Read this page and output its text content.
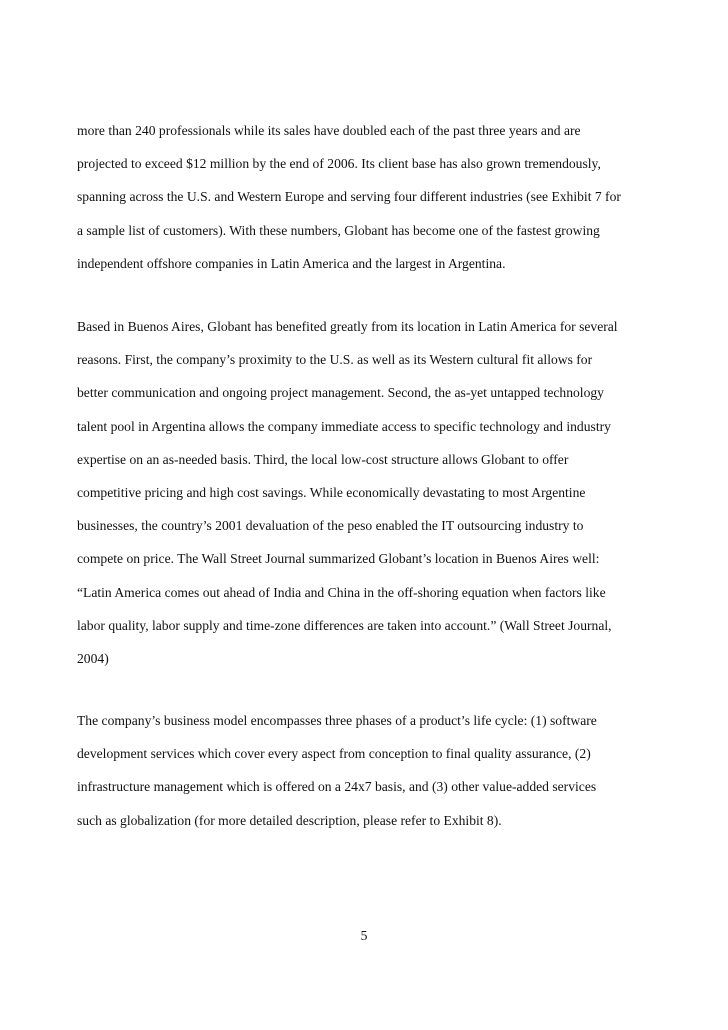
more than 240 professionals while its sales have doubled each of the past three years and are
projected to exceed $12 million by the end of 2006. Its client base has also grown tremendously,
spanning across the U.S. and Western Europe and serving four different industries (see Exhibit 7 for
a sample list of customers). With these numbers, Globant has become one of the fastest growing
independent offshore companies in Latin America and the largest in Argentina.

Based in Buenos Aires, Globant has benefited greatly from its location in Latin America for several
reasons. First, the company’s proximity to the U.S. as well as its Western cultural fit allows for
better communication and ongoing project management. Second, the as-yet untapped technology
talent pool in Argentina allows the company immediate access to specific technology and industry
expertise on an as-needed basis. Third, the local low-cost structure allows Globant to offer
competitive pricing and high cost savings. While economically devastating to most Argentine
businesses, the country’s 2001 devaluation of the peso enabled the IT outsourcing industry to
compete on price. The Wall Street Journal summarized Globant’s location in Buenos Aires well:
“Latin America comes out ahead of India and China in the off-shoring equation when factors like
labor quality, labor supply and time-zone differences are taken into account.” (Wall Street Journal,
2004)

The company’s business model encompasses three phases of a product’s life cycle: (1) software
development services which cover every aspect from conception to final quality assurance, (2)
infrastructure management which is offered on a 24x7 basis, and (3) other value-added services
such as globalization (for more detailed description, please refer to Exhibit 8).

5
